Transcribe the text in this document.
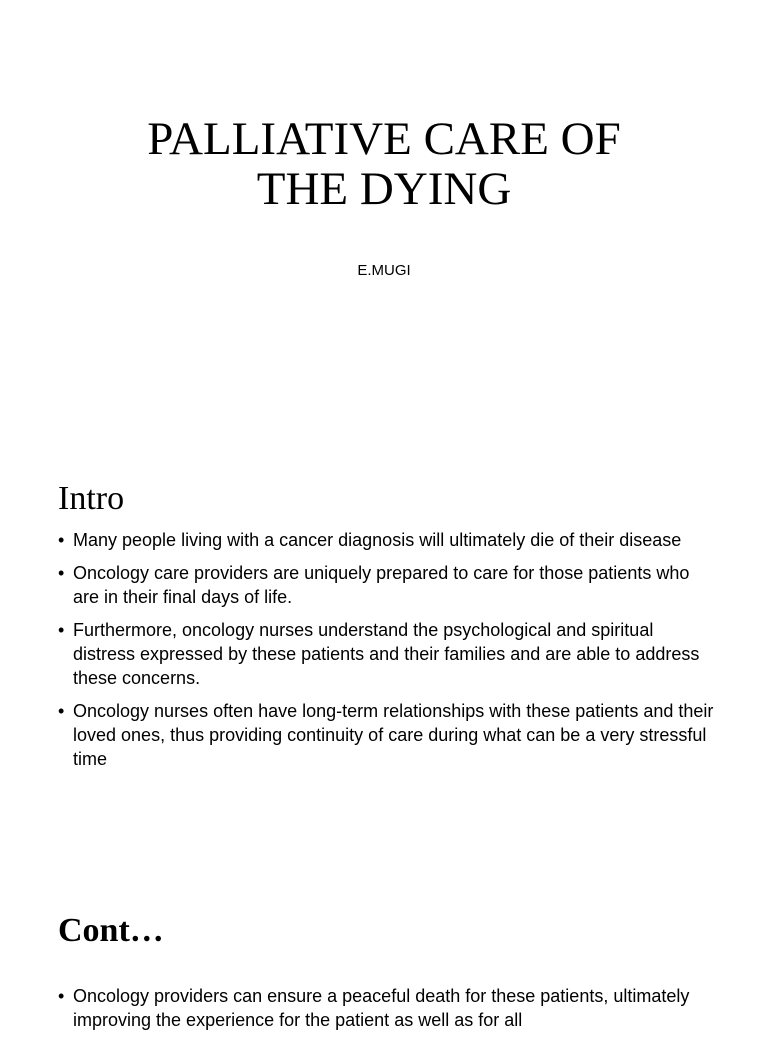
PALLIATIVE CARE OF
THE DYING
E.MUGI
Intro
• Many people living with a cancer diagnosis will ultimately die of their disease
• Oncology care providers are uniquely prepared to care for those patients who are in their final days of life.
• Furthermore, oncology nurses understand the psychological and spiritual distress expressed by these patients and their families and are able to address these concerns.
• Oncology nurses often have long-term relationships with these patients and their loved ones, thus providing continuity of care during what can be a very stressful time
Cont…
• Oncology providers can ensure a peaceful death for these patients, ultimately improving the experience for the patient as well as for all
